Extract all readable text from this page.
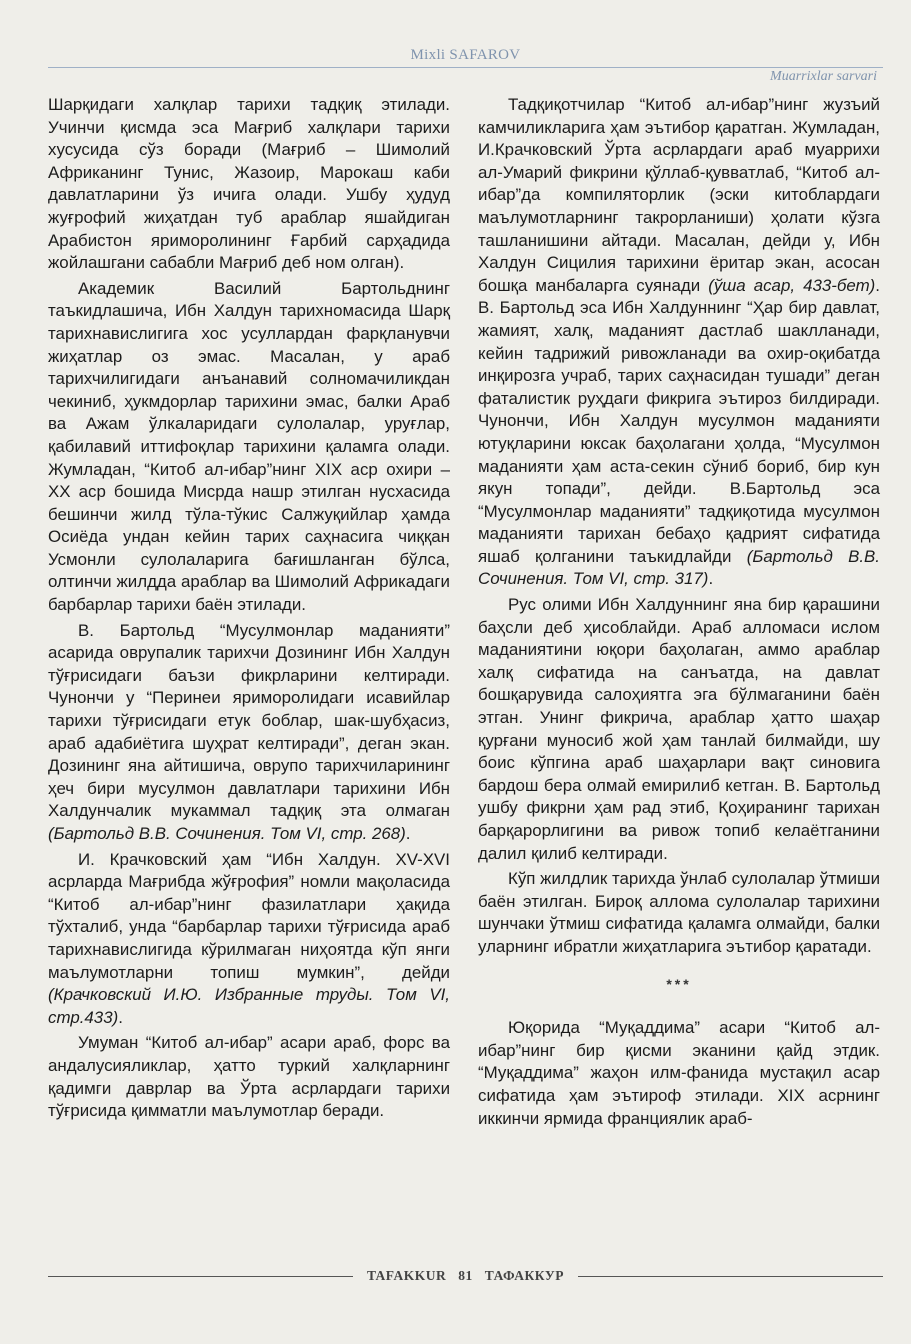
Mixli SAFAROV
Muarrixlar sarvari

Шарқидаги халқлар тарихи тадқиқ этилади. Учинчи қисмда эса Мағриб халқлари тарихи хусусида сўз боради (Мағриб – Шимолий Африканинг Тунис, Жазоир, Марокаш каби давлатларини ўз ичига олади. Ушбу ҳудуд жуғрофий жиҳатдан туб араблар яшайдиган Арабистон яриморолининг Ғарбий сарҳадида жойлашгани сабабли Мағриб деб ном олган).

Академик Василий Бартольднинг таъкидлашича, Ибн Халдун тарихномасида Шарқ тарихнавислигига хос усуллардан фарқланувчи жиҳатлар оз эмас. Масалан, у араб тарихчилигидаги анъанавий солномачиликдан чекиниб, ҳукмдорлар тарихини эмас, балки Араб ва Ажам ўлкаларидаги сулолалар, уруғлар, қабилавий иттифоқлар тарихини қаламга олади. Жумладан, “Китоб ал-ибар”нинг XIX аср охири – XX аср бошида Мисрда нашр этилган нусхасида бешинчи жилд тўла-тўкис Салжуқийлар ҳамда Осиёда ундан кейин тарих саҳнасига чиққан Усмонли сулолаларига бағишланган бўлса, олтинчи жилдда араблар ва Шимолий Африкадаги барбарлар тарихи баён этилади.

В. Бартольд “Мусулмонлар маданияти” асарида оврупалик тарихчи Дозининг Ибн Халдун тўғрисидаги баъзи фикрларини келтиради. Чунончи у “Перинеи яриморолидаги исавийлар тарихи тўғрисидаги етук боблар, шак-шубҳасиз, араб адабиётига шуҳрат келтиради”, деган экан. Дозининг яна айтишича, оврупо тарихчиларининг ҳеч бири мусулмон давлатлари тарихини Ибн Халдунчалик мукаммал тадқиқ эта олмаган (Бартольд В.В. Сочинения. Том VI, стр. 268).

И. Крачковский ҳам “Ибн Халдун. XV-XVI асрларда Мағрибда жўғрофия” номли мақоласида “Китоб ал-ибар”нинг фазилатлари ҳақида тўхталиб, унда “барбарлар тарихи тўғрисида араб тарихнавислигида кўрилмаган ниҳоятда кўп янги маълумотларни топиш мумкин”, дейди (Крачковский И.Ю. Избранные труды. Том VI, стр.433).

Умуман “Китоб ал-ибар” асари араб, форс ва андалусияликлар, ҳатто туркий халқларнинг қадимги даврлар ва Ўрта асрлардаги тарихи тўғрисида қимматли маълумотлар беради.

Тадқиқотчилар “Китоб ал-ибар”нинг жузъий камчиликларига ҳам эътибор қаратган. Жумладан, И.Крачковский Ўрта асрлардаги араб муаррихи ал-Умарий фикрини қўллаб-қувватлаб, “Китоб ал-ибар”да компиляторлик (эски китоблардаги маълумотларнинг такрорланиши) ҳолати кўзга ташланишини айтади. Масалан, дейди у, Ибн Халдун Сицилия тарихини ёритар экан, асосан бошқа манбаларга суянади (ўша асар, 433-бет). В. Бартольд эса Ибн Халдуннинг “Ҳар бир давлат, жамият, халқ, маданият дастлаб шаклланади, кейин тадрижий ривожланади ва охир-оқибатда инқирозга учраб, тарих саҳнасидан тушади” деган фаталистик руҳдаги фикрига эътироз билдиради. Чунончи, Ибн Халдун мусулмон маданияти ютуқларини юксак баҳолагани ҳолда, “Мусулмон маданияти ҳам аста-секин сўниб бориб, бир кун якун топади”, дейди. В.Бартольд эса “Мусулмонлар маданияти” тадқиқотида мусулмон маданияти тарихан бебаҳо қадрият сифатида яшаб қолганини таъкидлайди (Бартольд В.В. Сочинения. Том VI, стр. 317).

Рус олими Ибн Халдуннинг яна бир қарашини баҳсли деб ҳисоблайди. Араб алломаси ислом маданиятини юқори баҳолаган, аммо араблар халқ сифатида на санъатда, на давлат бошқарувида салоҳиятга эга бўлмаганини баён этган. Унинг фикрича, араблар ҳатто шаҳар қурғани муносиб жой ҳам танлай билмайди, шу боис кўпгина араб шаҳарлари вақт синовига бардош бера олмай емирилиб кетган. В. Бартольд ушбу фикрни ҳам рад этиб, Қоҳиранинг тарихан барқарорлигини ва ривож топиб келаётганини далил қилиб келтиради.

Кўп жилдлик тарихда ўнлаб сулолалар ўтмиши баён этилган. Бироқ аллома сулолалар тарихини шунчаки ўтмиш сифатида қаламга олмайди, балки уларнинг ибратли жиҳатларига эътибор қаратади.

***

Юқорида “Муқаддима” асари “Китоб ал-ибар”нинг бир қисми эканини қайд этдик. “Муқаддима” жаҳон илм-фанида мустақил асар сифатида ҳам эътироф этилади. XIX асрнинг иккинчи ярмида франциялик араб-

TAFAKKUR 81 ТАФАККУР
